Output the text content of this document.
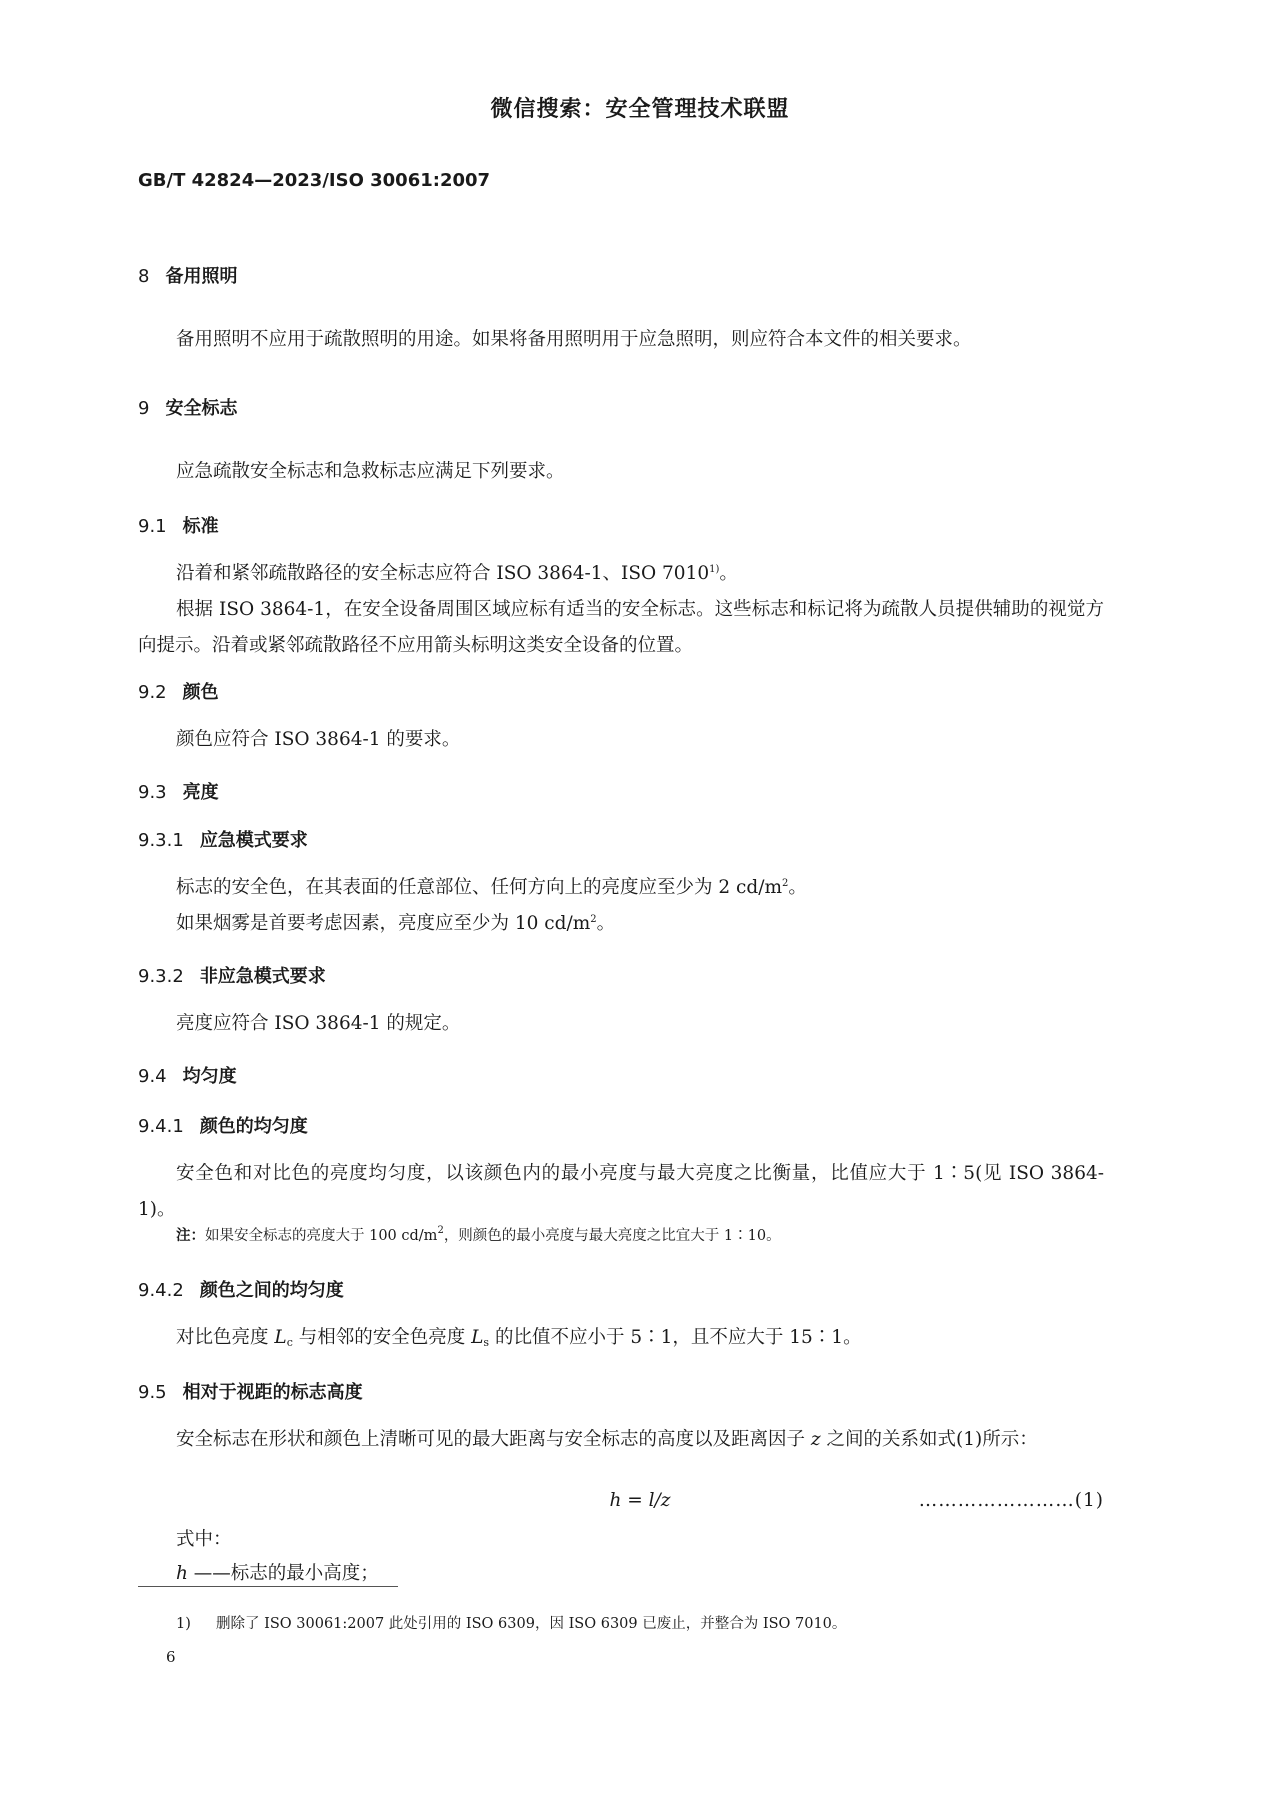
微信搜索：安全管理技术联盟
GB/T 42824—2023/ISO 30061:2007
8 备用照明
备用照明不应用于疏散照明的用途。如果将备用照明用于应急照明，则应符合本文件的相关要求。
9 安全标志
应急疏散安全标志和急救标志应满足下列要求。
9.1 标准
沿着和紧邻疏散路径的安全标志应符合 ISO 3864-1、ISO 7010$^{1)}$。
根据 ISO 3864-1，在安全设备周围区域应标有适当的安全标志。这些标志和标记将为疏散人员提供辅助的视觉方向提示。沿着或紧邻疏散路径不应用箭头标明这类安全设备的位置。
9.2 颜色
颜色应符合 ISO 3864-1 的要求。
9.3 亮度
9.3.1 应急模式要求
标志的安全色，在其表面的任意部位、任何方向上的亮度应至少为 2 $cd/m^2$。
如果烟雾是首要考虑因素，亮度应至少为 10 $cd/m^2$。
9.3.2 非应急模式要求
亮度应符合 ISO 3864-1 的规定。
9.4 均匀度
9.4.1 颜色的均匀度
安全色和对比色的亮度均匀度，以该颜色内的最小亮度与最大亮度之比衡量，比值应大于 1∶5(见 ISO 3864-1)。
注：如果安全标志的亮度大于 100 $cd/m^2$，则颜色的最小亮度与最大亮度之比宜大于 1∶10。
9.4.2 颜色之间的均匀度
对比色亮度 $L_c$ 与相邻的安全色亮度 $L_s$ 的比值不应小于 5∶1，且不应大于 15∶1。
9.5 相对于视距的标志高度
安全标志在形状和颜色上清晰可见的最大距离与安全标志的高度以及距离因子 z 之间的关系如式(1)所示：
h = l/z	……………………(1)
式中：
h ——标志的最小高度；
1) 删除了 ISO 30061:2007 此处引用的 ISO 6309，因 ISO 6309 已废止，并整合为 ISO 7010。
6
